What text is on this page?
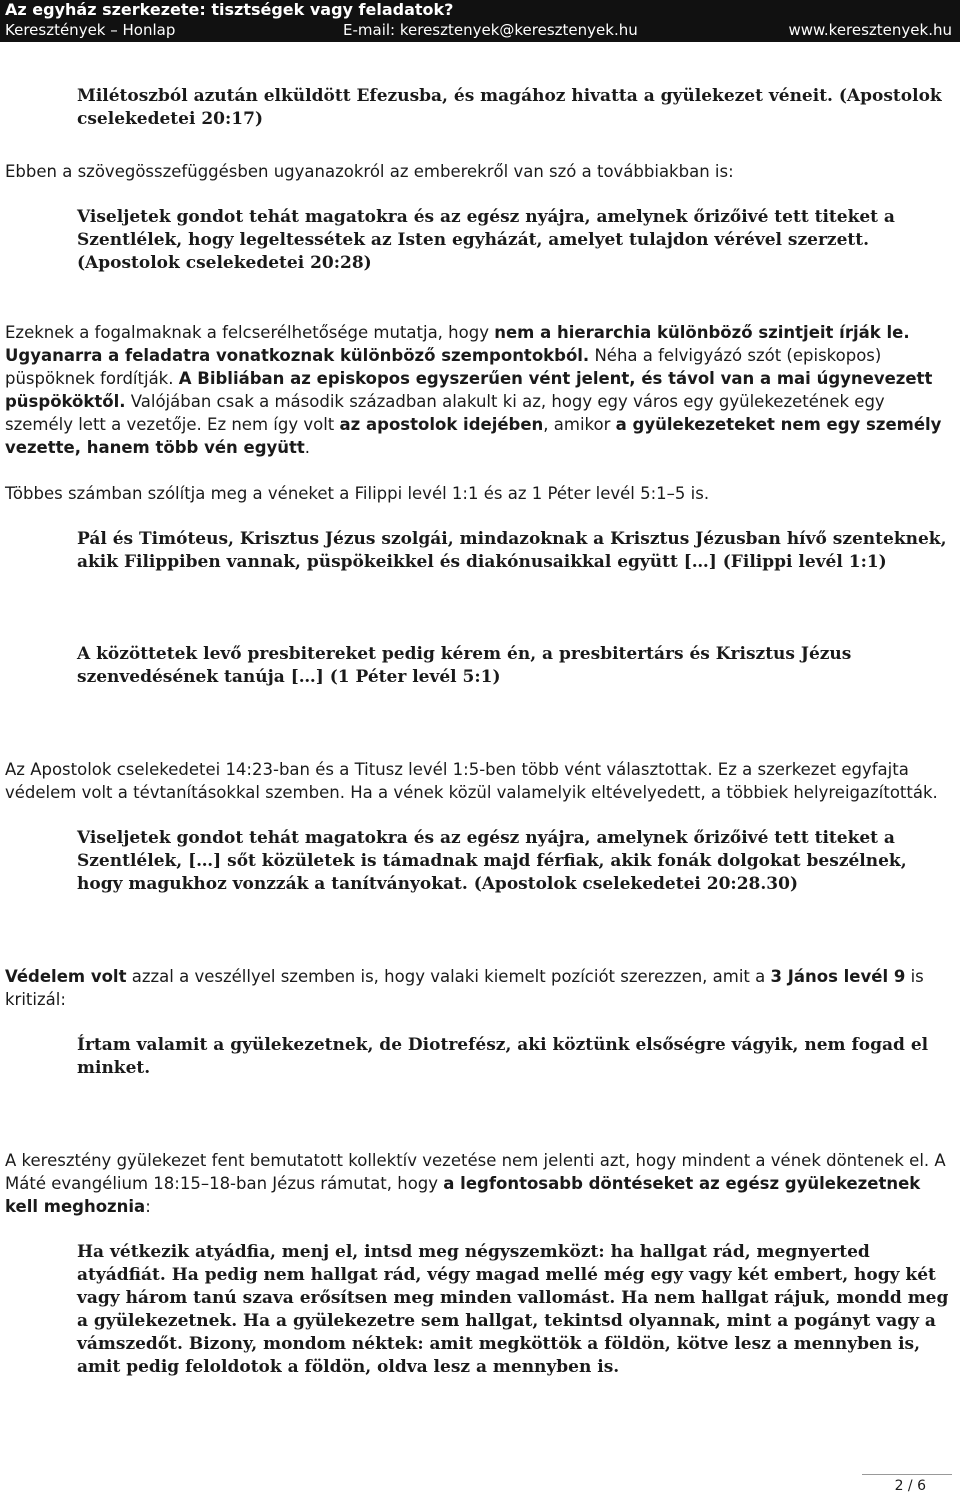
Az egyház szerkezete: tisztségek vagy feladatok?
Keresztények – Honlap	E-mail: keresztenyek@keresztenyek.hu	www.keresztenyek.hu

Milétoszból azután elküldött Efezusba, és magához hivatta a gyülekezet véneit. (Apostolok cselekedetei 20:17)

Ebben a szövegösszefüggésben ugyanazokról az emberekről van szó a továbbiakban is:

Viseljetek gondot tehát magatokra és az egész nyájra, amelynek őrizőivé tett titeket a Szentlélek, hogy legeltessétek az Isten egyházát, amelyet tulajdon vérével szerzett. (Apostolok cselekedetei 20:28)

Ezeknek a fogalmaknak a felcserélhetősége mutatja, hogy nem a hierarchia különböző szintjeit írják le. Ugyanarra a feladatra vonatkoznak különböző szempontokból. Néha a felvigyázó szót (episkopos) püspöknek fordítják. A Bibliában az episkopos egyszerűen vént jelent, és távol van a mai úgynevezett püspököktől. Valójában csak a második században alakult ki az, hogy egy város egy gyülekezetének egy személy lett a vezetője. Ez nem így volt az apostolok idejében, amikor a gyülekezeteket nem egy személy vezette, hanem több vén együtt.

Többes számban szólítja meg a véneket a Filippi levél 1:1 és az 1 Péter levél 5:1–5 is.

Pál és Timóteus, Krisztus Jézus szolgái, mindazoknak a Krisztus Jézusban hívő szenteknek, akik Filippiben vannak, püspökeikkel és diakónusaikkal együtt […] (Filippi levél 1:1)

A közöttetek levő presbitereket pedig kérem én, a presbitertárs és Krisztus Jézus szenvedésének tanúja […] (1 Péter levél 5:1)

Az Apostolok cselekedetei 14:23-ban és a Titusz levél 1:5-ben több vént választottak. Ez a szerkezet egyfajta védelem volt a tévtanításokkal szemben. Ha a vének közül valamelyik eltévelyedett, a többiek helyreigazították.

Viseljetek gondot tehát magatokra és az egész nyájra, amelynek őrizőivé tett titeket a Szentlélek, […] sőt közületek is támadnak majd férfiak, akik fonák dolgokat beszélnek, hogy magukhoz vonzzák a tanítványokat. (Apostolok cselekedetei 20:28.30)

Védelem volt azzal a veszéllyel szemben is, hogy valaki kiemelt pozíciót szerezzen, amit a 3 János levél 9 is kritizál:

Írtam valamit a gyülekezetnek, de Diotrefész, aki köztünk elsőségre vágyik, nem fogad el minket.

A keresztény gyülekezet fent bemutatott kollektív vezetése nem jelenti azt, hogy mindent a vének döntenek el. A Máté evangélium 18:15–18-ban Jézus rámutat, hogy a legfontosabb döntéseket az egész gyülekezetnek kell meghoznia:

Ha vétkezik atyádfia, menj el, intsd meg négyszemközt: ha hallgat rád, megnyerted atyádfiát. Ha pedig nem hallgat rád, végy magad mellé még egy vagy két embert, hogy két vagy három tanú szava erősítsen meg minden vallomást. Ha nem hallgat rájuk, mondd meg a gyülekezetnek. Ha a gyülekezetre sem hallgat, tekintsd olyannak, mint a pogányt vagy a vámszedőt. Bizony, mondom néktek: amit megköttök a földön, kötve lesz a mennyben is, amit pedig feloldotok a földön, oldva lesz a mennyben is.

2 / 6
